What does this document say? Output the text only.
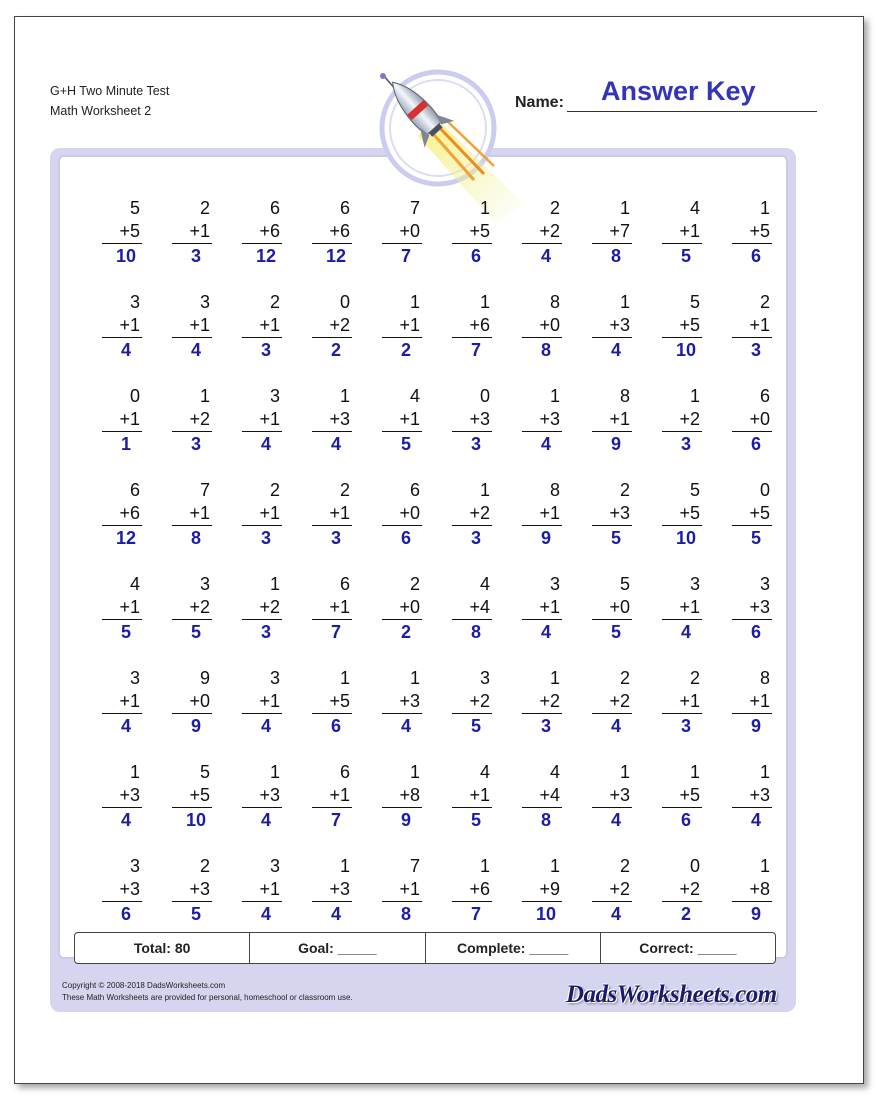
G+H Two Minute Test
Math Worksheet 2	Name: Answer Key
5
+5
10
2
+1
3
6
+6
12
6
+6
12
7
+0
7
1
+5
6
2
+2
4
1
+7
8
4
+1
5
1
+5
6
3
+1
4
3
+1
4
2
+1
3
0
+2
2
1
+1
2
1
+6
7
8
+0
8
1
+3
4
5
+5
10
2
+1
3
0
+1
1
1
+2
3
3
+1
4
1
+3
4
4
+1
5
0
+3
3
1
+3
4
8
+1
9
1
+2
3
6
+0
6
6
+6
12
7
+1
8
2
+1
3
2
+1
3
6
+0
6
1
+2
3
8
+1
9
2
+3
5
5
+5
10
0
+5
5
4
+1
5
3
+2
5
1
+2
3
6
+1
7
2
+0
2
4
+4
8
3
+1
4
5
+0
5
3
+1
4
3
+3
6
3
+1
4
9
+0
9
3
+1
4
1
+5
6
1
+3
4
3
+2
5
1
+2
3
2
+2
4
2
+1
3
8
+1
9
1
+3
4
5
+5
10
1
+3
4
6
+1
7
1
+8
9
4
+1
5
4
+4
8
1
+3
4
1
+5
6
1
+3
4
3
+3
6
2
+3
5
3
+1
4
1
+3
4
7
+1
8
1
+6
7
1
+9
10
2
+2
4
0
+2
2
1
+8
9
Total: 80	Goal: _____	Complete: _____	Correct: _____
Copyright © 2008-2018 DadsWorksheets.com
These Math Worksheets are provided for personal, homeschool or classroom use.	DadsWorksheets.com
